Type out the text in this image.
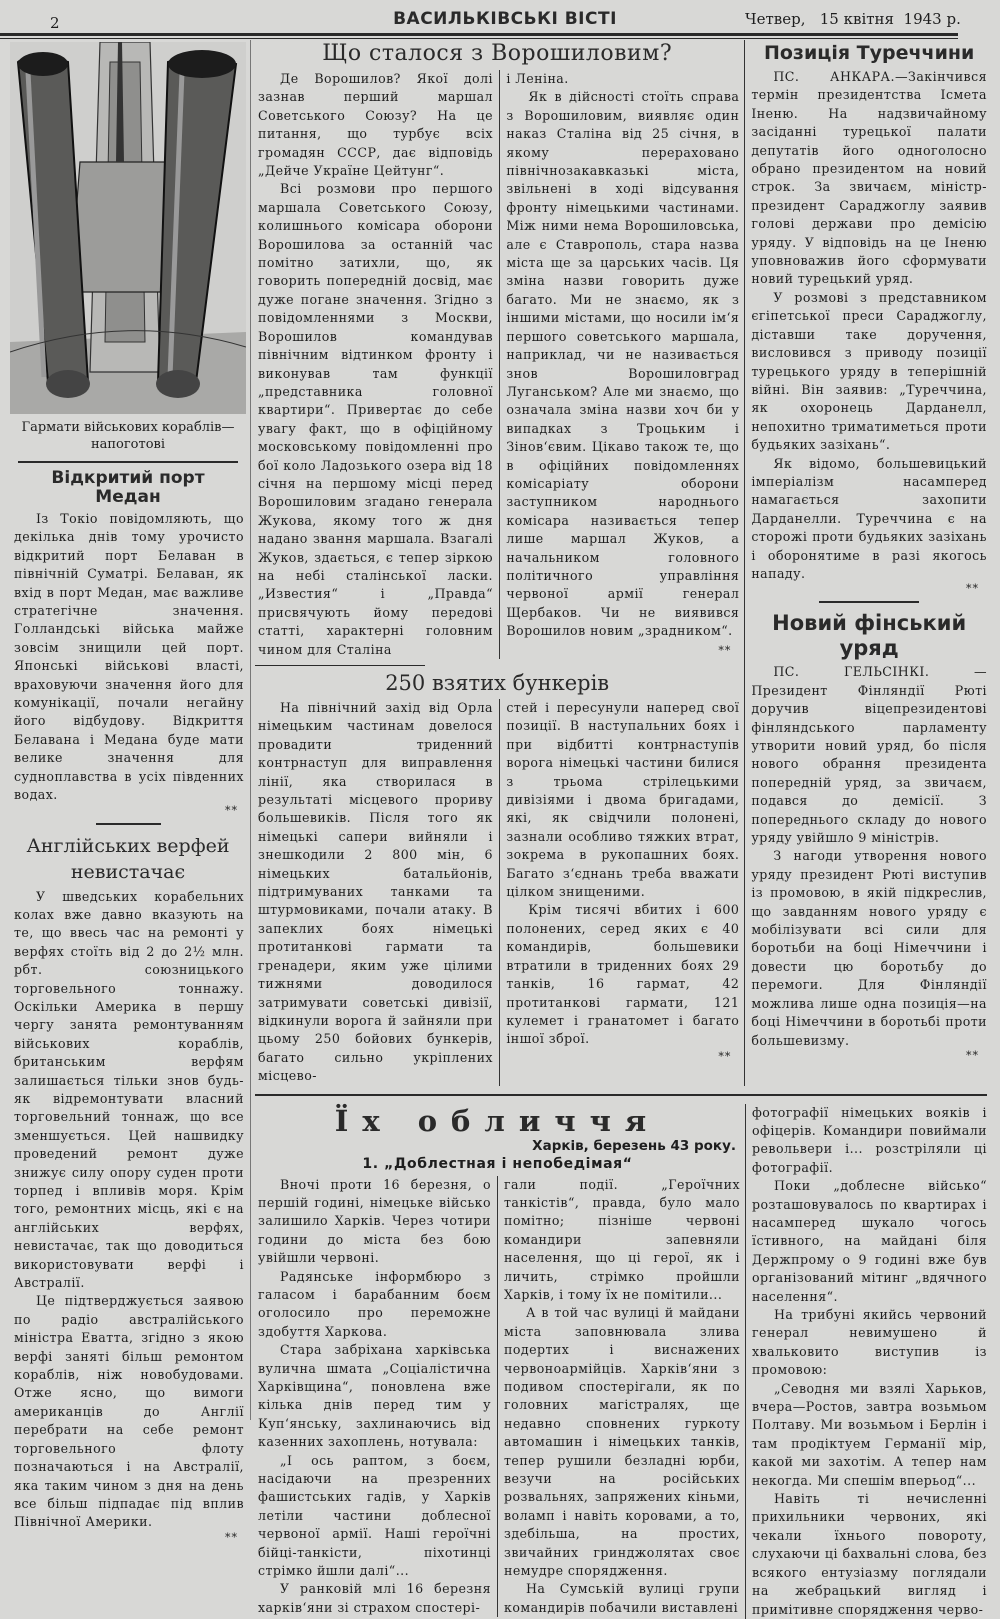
2	ВАСИЛЬКІВСЬКІ ВІСТІ	Четвер,   15 квітня  1943 р.
Гармати військових кораблів—напоготові
Відкритий порт Медан

Із Токіо повідомляють, що декілька днів тому урочисто відкритий порт Белаван в північній Суматрі. Белаван, як вхід в порт Медан, має важливе стратегічне значення. Голландські війська майже зовсім знищили цей порт. Японські військові власті, враховуючи значення його для комунікації, почали негайну його відбудову. Відкриття Белавана і Медана буде мати велике значення для судноплавства в усіх південних водах.

**
Англійських верфей
невистачає

У шведських корабельних колах вже давно вказують на те, що ввесь час на ремонті у верфях стоїть від 2 до 2½ млн. рбт. союзницького торговельного тоннажу. Оскільки Америка в першу чергу занята ремонтуванням військових кораблів, британським верфям залишається тільки знов будь-як відремонтувати власний торговельний тоннаж, що все зменшується. Цей нашвидку проведений ремонт дуже знижує силу опору суден проти торпед і впливів моря. Крім того, ремонтних місць, які є на англійських верфях, невистачає, так що доводиться використовувати верфі і Австралії.

Це підтверджується заявою по радіо австралійського міністра Еватта, згідно з якою верфі заняті більш ремонтом кораблів, ніж новобудовами. Отже ясно, що вимоги американців до Англії перебрати на себе ремонт торговельного флоту позначаються і на Австралії, яка таким чином з дня на день все більш підпадає під вплив Північної Америки.

**
Що сталося з Ворошиловим?

Де Ворошилов? Якої долі зазнав перший маршал Советського Союзу? На це питання, що турбує всіх громадян СССР, дає відповідь „Дейче Україне Цейтунг“.

Всі розмови про першого маршала Советського Союзу, колишнього комісара оборони Ворошилова за останній час помітно затихли, що, як говорить попередній досвід, має дуже погане значення. Згідно з повідомленнями з Москви, Ворошилов командував північним відтинком фронту і виконував там функції „представника головної квартири“. Привертає до себе увагу факт, що в офіційному московському повідомленні про бої коло Ладозького озера від 18 січня на першому місці перед Ворошиловим згадано генерала Жукова, якому того ж дня надано звання маршала. Взагалі Жуков, здається, є тепер зіркою на небі сталінської ласки. „Известия“ і „Правда“ присвячують йому передові статті, характерні головним чином для Сталіна

і Леніна.

Як в дійсності стоїть справа з Ворошиловим, виявляє один наказ Сталіна від 25 січня, в якому перераховано північнозакавказькі міста, звільнені в ході відсування фронту німецькими частинами. Між ними нема Ворошиловська, але є Ставрополь, стара назва міста ще за царських часів. Ця зміна назви говорить дуже багато. Ми не знаємо, як з іншими містами, що носили ім‘я першого советського маршала, наприклад, чи не називається знов Ворошиловград Луганськом? Але ми знаємо, що означала зміна назви хоч би у випадках з Троцьким і Зінов‘євим. Цікаво також те, що в офіційних повідомленнях комісаріату оборони заступником народнього комісара називається тепер лише маршал Жуков, а начальником головного політичного управління червоної армії генерал Щербаков. Чи не виявився Ворошилов новим „зрадником“.

**
250 взятих бункерів

На північний захід від Орла німецьким частинам довелося провадити триденний контрнаступ для виправлення лінії, яка створилася в результаті місцевого прориву большевиків. Після того як німецькі сапери вийняли і знешкодили 2 800 мін, 6 німецьких батальйонів, підтримуваних танками та штурмовиками, почали атаку. В запеклих боях німецькі протитанкові гармати та гренадери, яким уже цілими тижнями доводилося затримувати советські дивізії, відкинули ворога й зайняли при цьому 250 бойових бункерів, багато сильно укріплених місцево-

стей і пересунули наперед свої позиції. В наступальних боях і при відбитті контрнаступів ворога німецькі частини билися з трьома стрілецькими дивізіями і двома бригадами, які, як свідчили полонені, зазнали особливо тяжких втрат, зокрема в рукопашних боях. Багато з‘єднань треба вважати цілком знищеними.

Крім тисячі вбитих і 600 полонених, серед яких є 40 командирів, большевики втратили в триденних боях 29 танків, 16 гармат, 42 протитанкові гармати, 121 кулемет і гранатомет і багато іншої зброї.

**
Позиція Туреччини

ПС. АНКАРА.—Закінчився термін президентства Ісмета Іненю. На надзвичайному засіданні турецької палати депутатів його одноголосно обрано президентом на новий строк. За звичаєм, міністр-президент Сараджоглу заявив голові держави про демісію уряду. У відповідь на це Іненю уповноважив його сформувати новий турецький уряд.

У розмові з представником єгіпетської преси Сараджоглу, діставши таке доручення, висловився з приводу позиції турецького уряду в теперішній війні. Він заявив: „Туреччина, як охоронець Дарданелл, непохитно триматиметься проти будьяких зазіхань“.

Як відомо, большевицький імперіалізм насамперед намагається захопити Дарданелли. Туреччина є на сторожі проти будьяких зазіхань і оборонятиме в разі якогось нападу.

**
Новий фінський
уряд

ПС. ГЕЛЬСІНКІ. — Президент Фінляндії Рюті доручив віцепрезидентові фінляндського парламенту утворити новий уряд, бо після нового обрання президента попередній уряд, за звичаєм, подався до демісії. З попереднього складу до нового уряду увійшло 9 міністрів.

З нагоди утворення нового уряду президент Рюті виступив із промовою, в якій підкреслив, що завданням нового уряду є мобілізувати всі сили для боротьби на боці Німеччини і довести цю боротьбу до перемоги. Для Фінляндії можлива лише одна позиція—на боці Німеччини в боротьбі проти большевизму.

**
Їх обличчя
Харків, березень 43 року.
1. „Доблестная і непобедімая“

Вночі проти 16 березня, о першій годині, німецьке військо залишило Харків. Через чотири години до міста без бою увійшли червоні.

Радянське інформбюро з галасом і барабанним боєм оголосило про переможне здобуття Харкова.

Стара забріхана харківська вулична шмата „Соціалістична Харківщина“, поновлена вже кілька днів перед тим у Куп‘янську, захлинаючись від казенних захоплень, нотувала:

„І ось раптом, з боєм, насідаючи на презренних фашистських гадів, у Харків летіли частини доблесної червоної армії. Наші героїчні бійці-танкісти, піхотинці стрімко йшли далі“...

У ранковій млі 16 березня харків‘яни зі страхом спостері-

гали події. „Героїчних танкістів“, правда, було мало помітно; пізніше червоні командири запевняли населення, що ці герої, як і личить, стрімко пройшли Харків, і тому їх не помітили...

А в той час вулиці й майдани міста заповнювала злива подертих і виснажених червоноармійців. Харків‘яни з подивом спостерігали, як по головних магістралях, ще недавно сповнених гуркоту автомашин і німецьких танків, тепер рушили безладні юрби, везучи на російських розвальнях, запряжених кіньми, воламп і навіть коровами, а то, здебільша, на простих, звичайних гринджолятах своє немудре спорядження.

На Сумській вулиці групи командирів побачили виставлені

фотографії німецьких вояків і офіцерів. Командири повиймали револьвери і... розстріляли ці фотографії.

Поки „доблесне військо“ розташовувалось по квартирах і насамперед шукало чогось їстивного, на майдані біля Держпрому о 9 годині вже був організований мітинг „вдячного населення“.

На трибуні якийсь червоний генерал невимушено й хвальковито виступив із промовою:

„Севодня ми взялі Харьков, вчера—Ростов, завтра возьмьом Полтаву. Ми возьмьом і Берлін і там продіктуем Германії мір, какой ми захотім. А тепер нам некогда. Ми спешім вперьод“...

Навіть ті нечисленні прихильники червоних, які чекали їхнього повороту, слухаючи ці бахвальні слова, без всякого ентузіазму поглядали на жебрацький вигляд і примітивне спорядження черво-
